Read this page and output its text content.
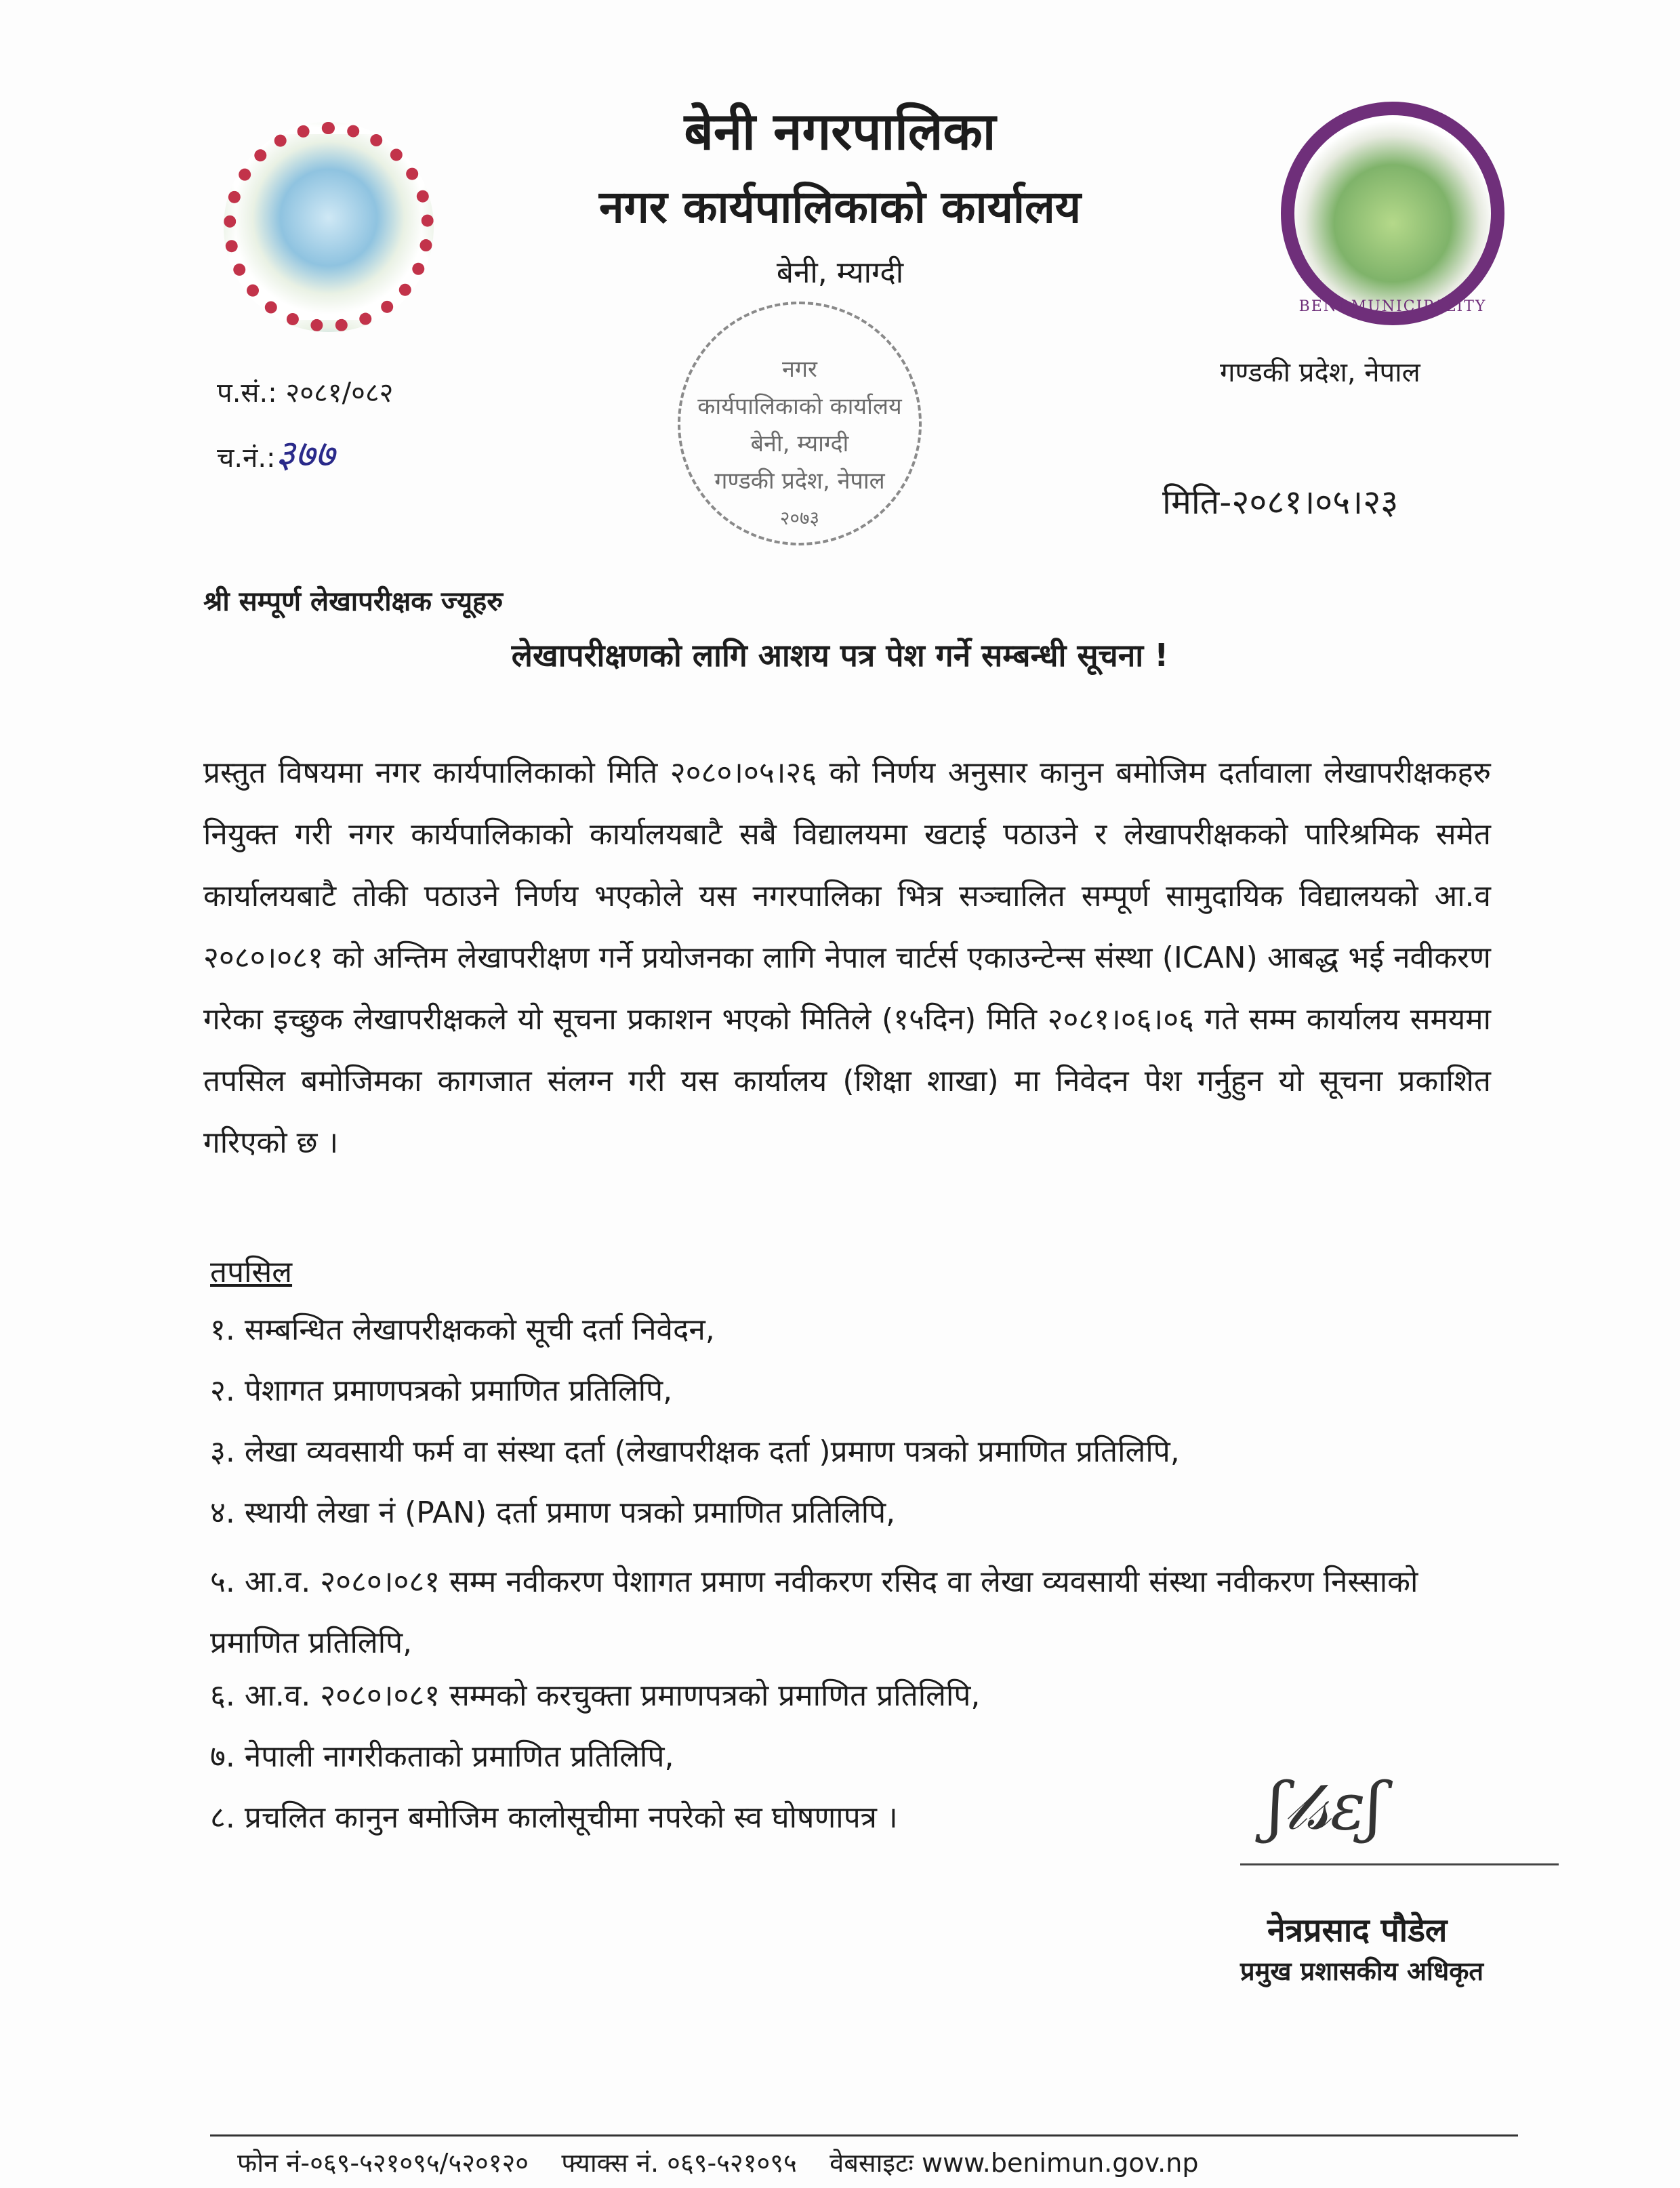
BENI MUNICIPALITY
बेनी नगरपालिका
नगर कार्यपालिकाको कार्यालय
बेनी, म्याग्दी
नगर
कार्यपालिकाको कार्यालय
बेनी, म्याग्दी
गण्डकी प्रदेश, नेपाल
२०७३
प.सं.: २०८१/०८२
च.नं.:३७७
गण्डकी प्रदेश, नेपाल
मिति-२०८१।०५।२३
श्री सम्पूर्ण लेखापरीक्षक ज्यूहरु
लेखापरीक्षणको लागि आशय पत्र पेश गर्ने सम्बन्धी सूचना !
प्रस्तुत विषयमा नगर कार्यपालिकाको मिति २०८०।०५।२६ को निर्णय अनुसार कानुन बमोजिम दर्तावाला लेखापरीक्षकहरु नियुक्त गरी नगर कार्यपालिकाको कार्यालयबाटै सबै विद्यालयमा खटाई पठाउने र लेखापरीक्षकको पारिश्रमिक समेत कार्यालयबाटै तोकी पठाउने निर्णय भएकोले यस नगरपालिका भित्र सञ्चालित सम्पूर्ण सामुदायिक विद्यालयको आ.व २०८०।०८१ को अन्तिम लेखापरीक्षण गर्ने प्रयोजनका लागि नेपाल चार्टर्स एकाउन्टेन्स संस्था (ICAN) आबद्ध भई नवीकरण गरेका इच्छुक लेखापरीक्षकले यो सूचना प्रकाशन भएको मितिले (१५दिन) मिति २०८१।०६।०६ गते सम्म कार्यालय समयमा तपसिल बमोजिमका कागजात संलग्न गरी यस कार्यालय (शिक्षा शाखा) मा निवेदन पेश गर्नुहुन यो सूचना प्रकाशित गरिएको छ ।
तपसिल
१. सम्बन्धित लेखापरीक्षकको सूची दर्ता निवेदन,
२. पेशागत प्रमाणपत्रको प्रमाणित प्रतिलिपि,
३. लेखा व्यवसायी फर्म वा संस्था दर्ता (लेखापरीक्षक दर्ता )प्रमाण पत्रको प्रमाणित प्रतिलिपि,
४. स्थायी लेखा नं (PAN) दर्ता प्रमाण पत्रको प्रमाणित प्रतिलिपि,
५. आ.व. २०८०।०८१ सम्म नवीकरण पेशागत प्रमाण नवीकरण रसिद वा लेखा व्यवसायी संस्था नवीकरण निस्साको प्रमाणित प्रतिलिपि,
६. आ.व. २०८०।०८१ सम्मको करचुक्ता प्रमाणपत्रको प्रमाणित प्रतिलिपि,
७. नेपाली नागरीकताको प्रमाणित प्रतिलिपि,
८. प्रचलित कानुन बमोजिम कालोसूचीमा नपरेको स्व घोषणापत्र ।	ʃ𝓁𝓈ɛʃ
नेत्रप्रसाद पौडेल
प्रमुख प्रशासकीय अधिकृत
फोन नं-०६९-५२१०९५/५२०१२० फ्याक्स नं. ०६९-५२१०९५ वेबसाइटः www.benimun.gov.np
